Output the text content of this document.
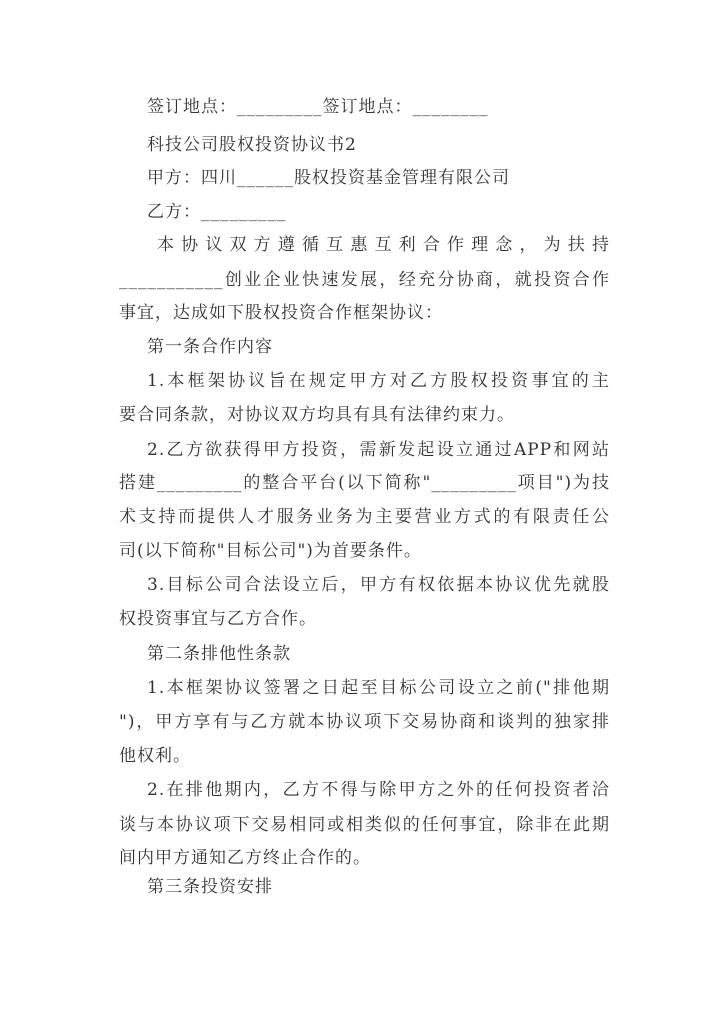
签订地点：_________签订地点：________
科技公司股权投资协议书2
甲方：四川______股权投资基金管理有限公司
乙方：_________
本协议双方遵循互惠互利合作理念，为扶持
___________创业企业快速发展，经充分协商，就投资合作
事宜，达成如下股权投资合作框架协议：
第一条合作内容
1.本框架协议旨在规定甲方对乙方股权投资事宜的主
要合同条款，对协议双方均具有具有法律约束力。
2.乙方欲获得甲方投资，需新发起设立通过APP和网站
搭建_________的整合平台(以下简称"_________项目")为技
术支持而提供人才服务业务为主要营业方式的有限责任公
司(以下简称"目标公司")为首要条件。
3.目标公司合法设立后，甲方有权依据本协议优先就股
权投资事宜与乙方合作。
第二条排他性条款
1.本框架协议签署之日起至目标公司设立之前("排他期
")，甲方享有与乙方就本协议项下交易协商和谈判的独家排
他权利。
2.在排他期内，乙方不得与除甲方之外的任何投资者洽
谈与本协议项下交易相同或相类似的任何事宜，除非在此期
间内甲方通知乙方终止合作的。
第三条投资安排
